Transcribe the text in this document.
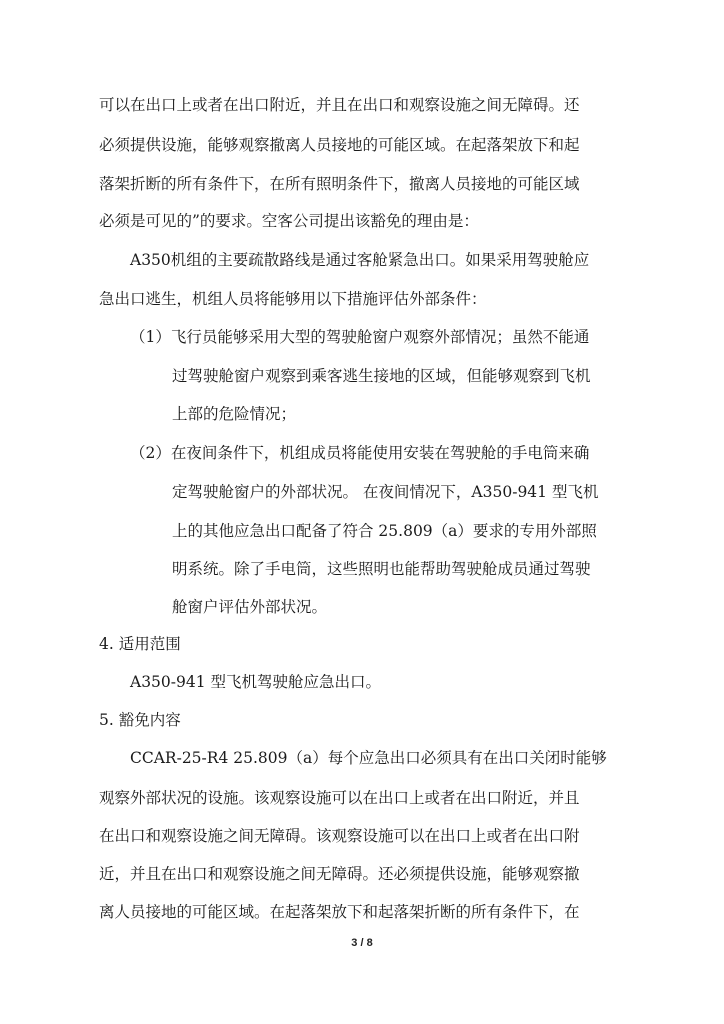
可以在出口上或者在出口附近，并且在出口和观察设施之间无障碍。还
必须提供设施，能够观察撤离人员接地的可能区域。在起落架放下和起
落架折断的所有条件下，在所有照明条件下，撤离人员接地的可能区域
必须是可见的”的要求。空客公司提出该豁免的理由是：
A350机组的主要疏散路线是通过客舱紧急出口。如果采用驾驶舱应
急出口逃生，机组人员将能够用以下措施评估外部条件：
（1）飞行员能够采用大型的驾驶舱窗户观察外部情况；虽然不能通
过驾驶舱窗户观察到乘客逃生接地的区域，但能够观察到飞机
上部的危险情况；
（2）在夜间条件下，机组成员将能使用安装在驾驶舱的手电筒来确
定驾驶舱窗户的外部状况。 在夜间情况下，A350-941 型飞机
上的其他应急出口配备了符合 25.809（a）要求的专用外部照
明系统。除了手电筒，这些照明也能帮助驾驶舱成员通过驾驶
舱窗户评估外部状况。
4. 适用范围
A350-941 型飞机驾驶舱应急出口。
5. 豁免内容
CCAR-25-R4 25.809（a）每个应急出口必须具有在出口关闭时能够
观察外部状况的设施。该观察设施可以在出口上或者在出口附近，并且
在出口和观察设施之间无障碍。该观察设施可以在出口上或者在出口附
近，并且在出口和观察设施之间无障碍。还必须提供设施，能够观察撤
离人员接地的可能区域。在起落架放下和起落架折断的所有条件下，在
3 / 8
